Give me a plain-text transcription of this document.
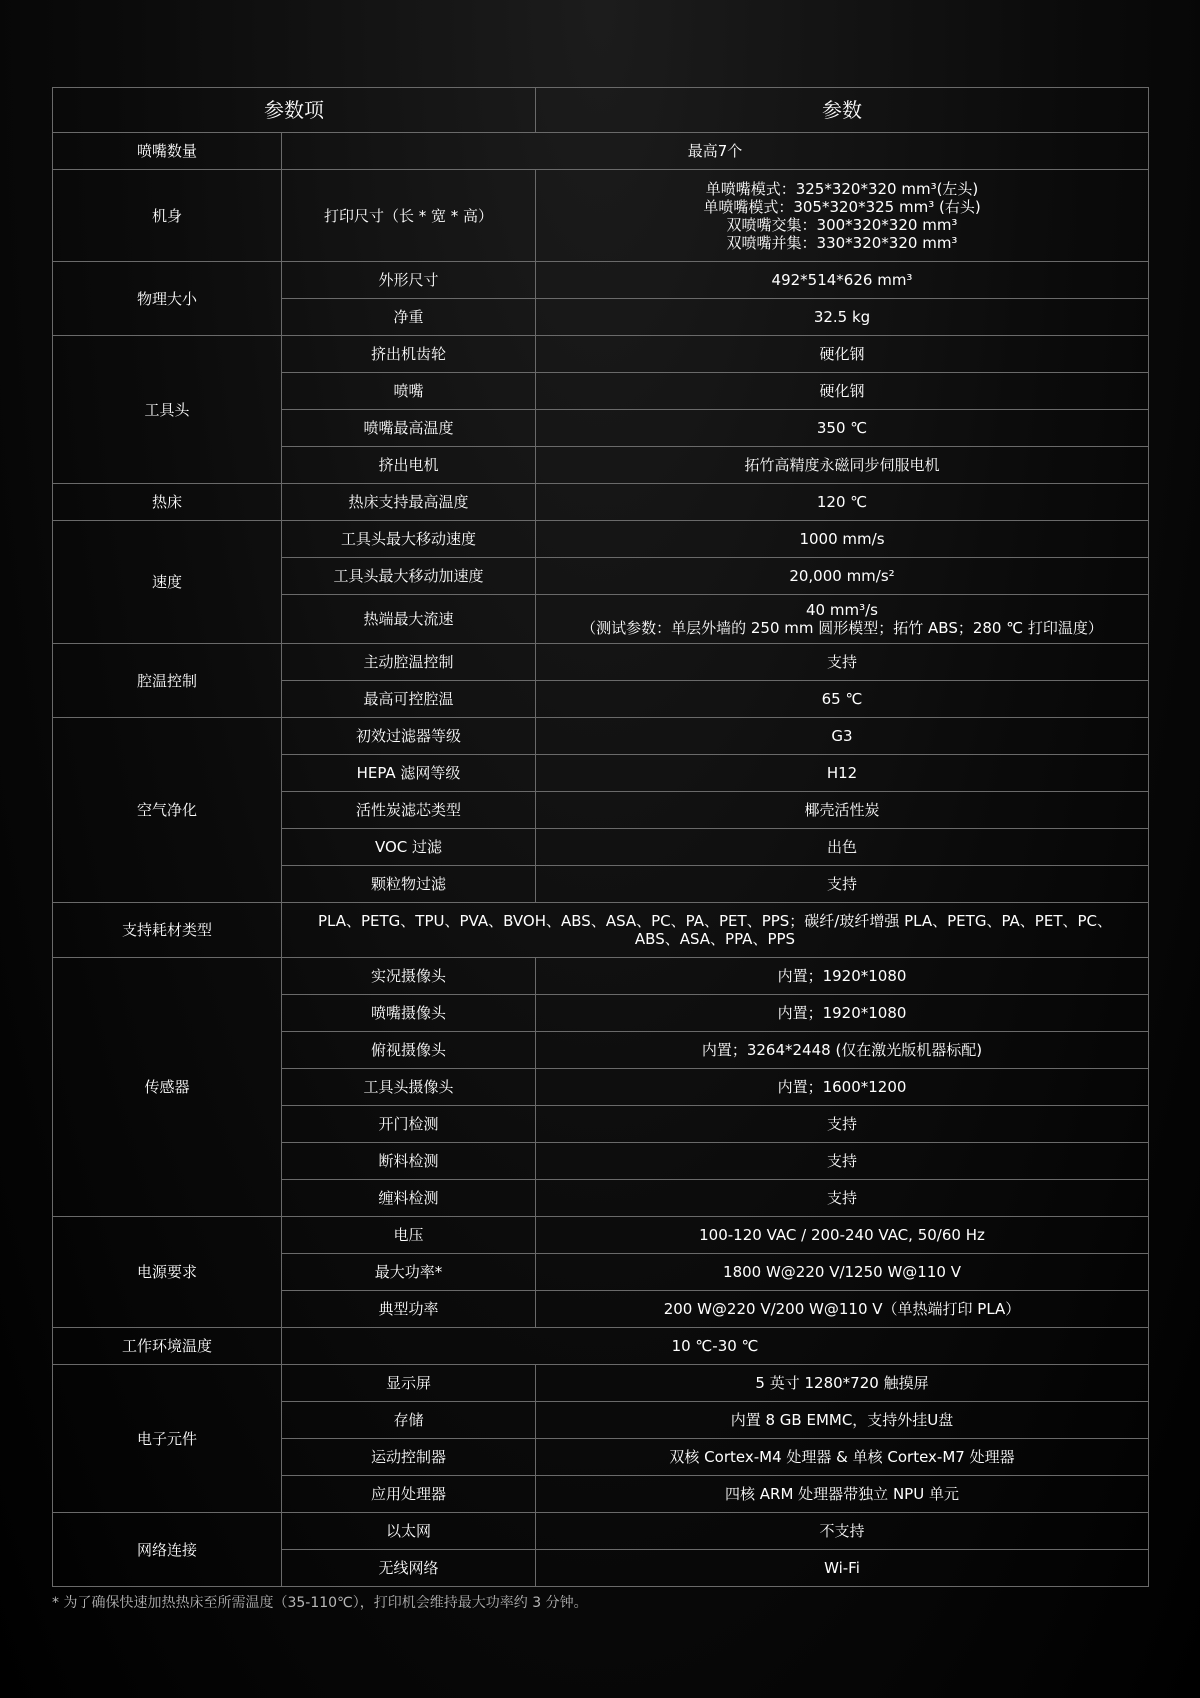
参数项		参数
喷嘴数量	最高7个	
机身	打印尺寸（长 * 宽 * 高）	单喷嘴模式：325*320*320 mm³(左头)
单喷嘴模式：305*320*325 mm³ (右头)
双喷嘴交集：300*320*320 mm³
双喷嘴并集：330*320*320 mm³

物理大小	外形尺寸	492*514*626 mm³
	净重	32.5 kg
工具头	挤出机齿轮	硬化钢
	喷嘴	硬化钢
	喷嘴最高温度	350 ℃
	挤出电机	拓竹高精度永磁同步伺服电机
热床	热床支持最高温度	120 ℃
速度	工具头最大移动速度	1000 mm/s
	工具头最大移动加速度	20,000 mm/s²
	热端最大流速	40 mm³/s
（测试参数：单层外墙的 250 mm 圆形模型；拓竹 ABS；280 ℃ 打印温度）

腔温控制	主动腔温控制	支持
	最高可控腔温	65 ℃
空气净化	初效过滤器等级	G3
	HEPA 滤网等级	H12
	活性炭滤芯类型	椰壳活性炭
	VOC 过滤	出色
	颗粒物过滤	支持
支持耗材类型	PLA、PETG、TPU、PVA、BVOH、ABS、ASA、PC、PA、PET、PPS；碳纤/玻纤增强 PLA、PETG、PA、PET、PC、
ABS、ASA、PPA、PPS	

传感器	实况摄像头	内置；1920*1080
	喷嘴摄像头	内置；1920*1080
	俯视摄像头	内置；3264*2448 (仅在激光版机器标配)
	工具头摄像头	内置；1600*1200
	开门检测	支持
	断料检测	支持
	缠料检测	支持
电源要求	电压	100-120 VAC / 200-240 VAC, 50/60 Hz
	最大功率*	1800 W@220 V/1250 W@110 V
	典型功率	200 W@220 V/200 W@110 V（单热端打印 PLA）
工作环境温度	10 ℃-30 ℃	
电子元件	显示屏	5 英寸 1280*720 触摸屏
	存储	内置 8 GB EMMC，支持外挂U盘
	运动控制器	双核 Cortex-M4 处理器 & 单核 Cortex-M7 处理器
	应用处理器	四核 ARM 处理器带独立 NPU 单元
网络连接	以太网	不支持
	无线网络	Wi-Fi
* 为了确保快速加热热床至所需温度（35-110℃），打印机会维持最大功率约 3 分钟。
